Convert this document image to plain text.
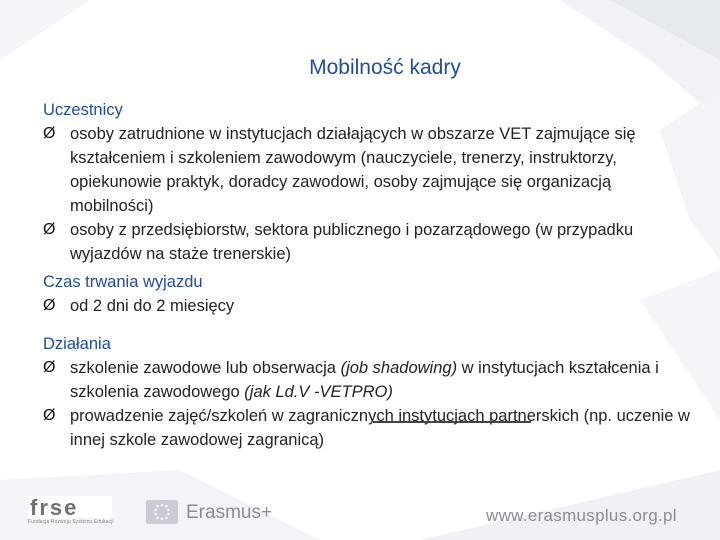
Mobilność kadry
Uczestnicy
Ø osoby zatrudnione w instytucjach działających w obszarze VET zajmujące się kształceniem i szkoleniem zawodowym (nauczyciele, trenerzy, instruktorzy, opiekunowie praktyk, doradcy zawodowi, osoby zajmujące się organizacją mobilności)
Ø osoby z przedsiębiorstw, sektora publicznego i pozarządowego (w przypadku wyjazdów na staże trenerskie)
Czas trwania wyjazdu
Ø od 2 dni do 2 miesięcy
Działania
Ø szkolenie zawodowe lub obserwacja (job shadowing) w instytucjach kształcenia i szkolenia zawodowego (jak Ld.V -VETPRO)
Ø prowadzenie zajęć/szkoleń w zagranicznych instytucjach partnerskich (np. uczenie w innej szkole zawodowej zagranicą)
frse
Fundacja Rozwoju Systemu Edukacji	Erasmus+	www.erasmusplus.org.pl
